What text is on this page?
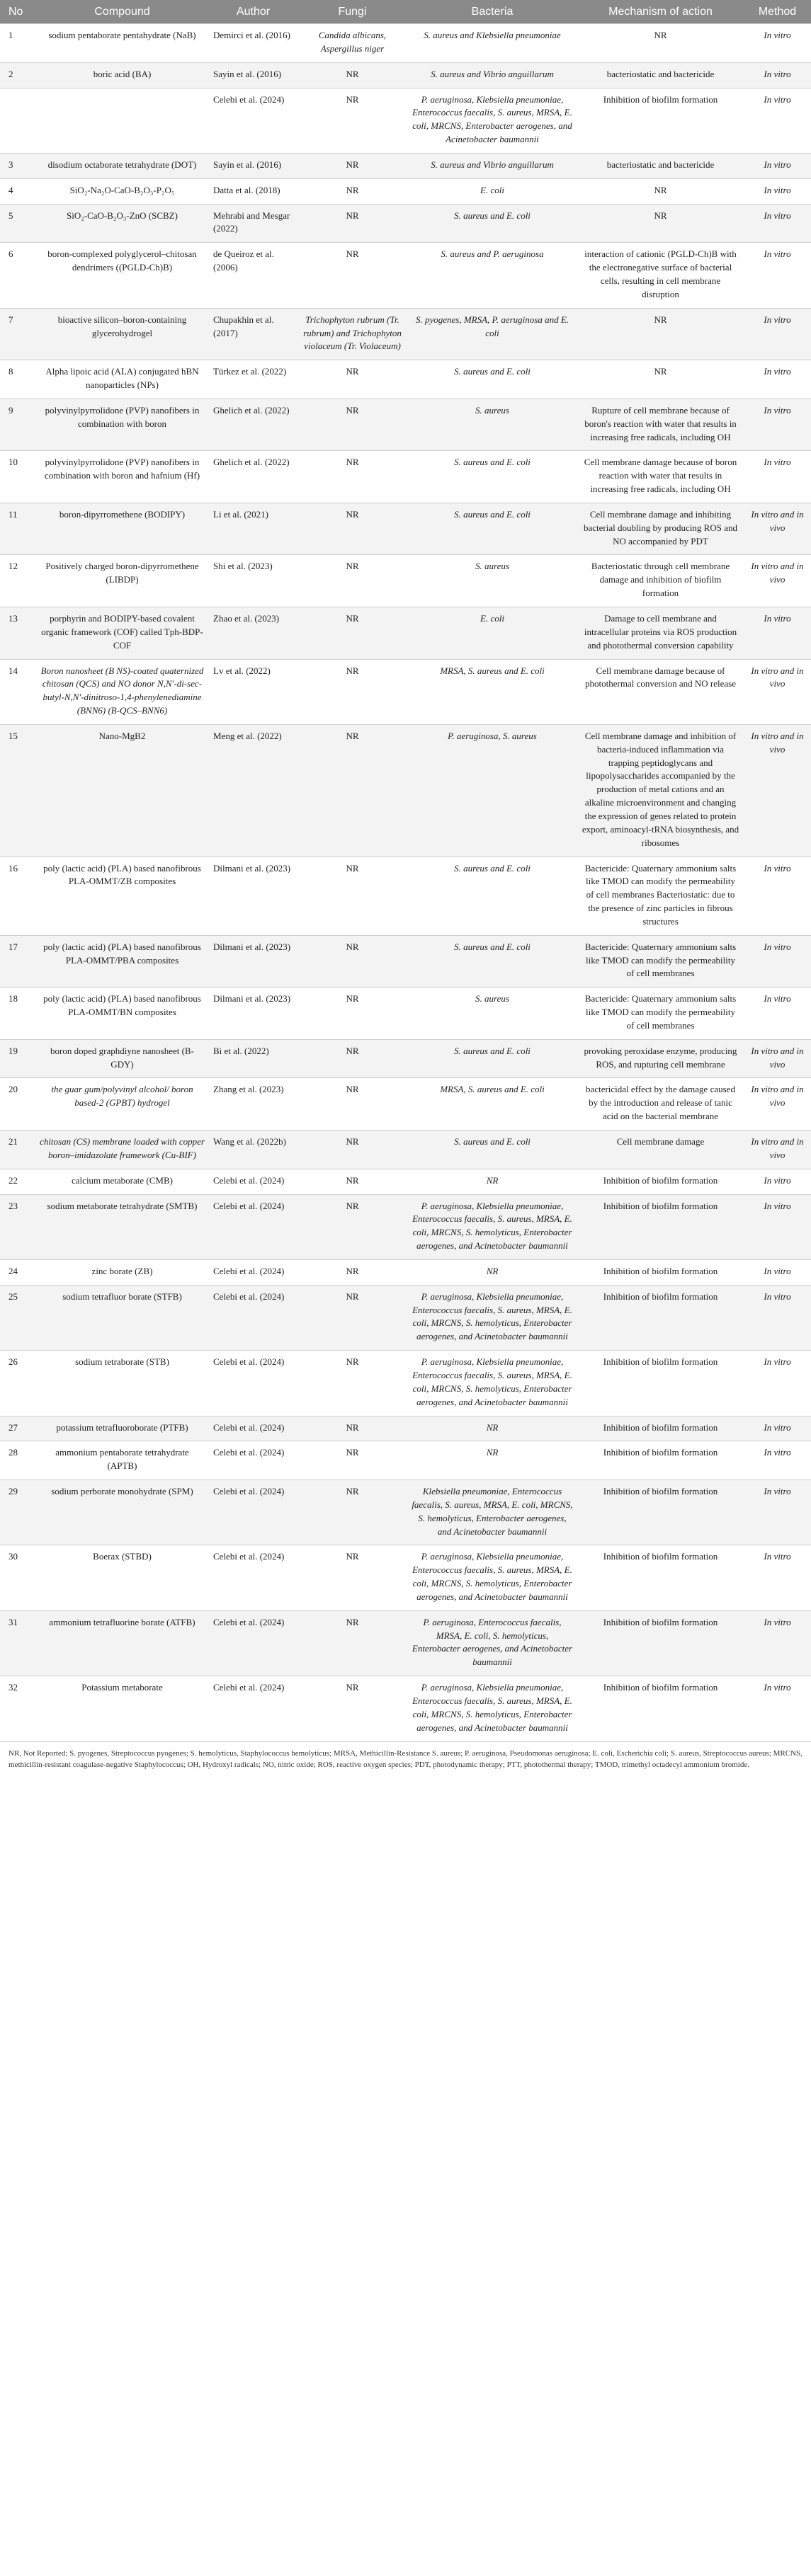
No	Compound	Author	Fungi	Bacteria	Mechanism of action	Method
1	sodium pentaborate pentahydrate (NaB)	Demirci et al. (2016)	Candida albicans, Aspergillus niger	S. aureus and Klebsiella pneumoniae	NR	In vitro
2	boric acid (BA)	Sayin et al. (2016)	NR	S. aureus and Vibrio anguillarum	bacteriostatic and bactericide	In vitro
		Celebi et al. (2024)	NR	P. aeruginosa, Klebsiella pneumoniae, Enterococcus faecalis, S. aureus, MRSA, E. coli, MRCNS, Enterobacter aerogenes, and Acinetobacter baumannii	Inhibition of biofilm formation	In vitro
3	disodium octaborate tetrahydrate (DOT)	Sayin et al. (2016)	NR	S. aureus and Vibrio anguillarum	bacteriostatic and bactericide	In vitro
4	SiO₂-Na₂O-CaO-B₂O₃-P₂O₅	Datta et al. (2018)	NR	E. coli	NR	In vitro
5	SiO₂-CaO-B₂O₃-ZnO (SCBZ)	Mehrabi and Mesgar (2022)	NR	S. aureus and E. coli	NR	In vitro
6	boron-complexed polyglycerol–chitosan dendrimers ((PGLD-Ch)B)	de Queiroz et al. (2006)	NR	S. aureus and P. aeruginosa	interaction of cationic (PGLD-Ch)B with the electronegative surface of bacterial cells, resulting in cell membrane disruption	In vitro
7	bioactive silicon–boron-containing glycerohydrogel	Chupakhin et al. (2017)	Trichophyton rubrum (Tr. rubrum) and Trichophyton violaceum (Tr. Violaceum)	S. pyogenes, MRSA, P. aeruginosa and E. coli	NR	In vitro
8	Alpha lipoic acid (ALA) conjugated hBN nanoparticles (NPs)	Türkez et al. (2022)	NR	S. aureus and E. coli	NR	In vitro
9	polyvinylpyrrolidone (PVP) nanofibers in combination with boron	Ghelich et al. (2022)	NR	S. aureus	Rupture of cell membrane because of boron's reaction with water that results in increasing free radicals, including OH	In vitro
10	polyvinylpyrrolidone (PVP) nanofibers in combination with boron and hafnium (Hf)	Ghelich et al. (2022)	NR	S. aureus and E. coli	Cell membrane damage because of boron reaction with water that results in increasing free radicals, including OH	In vitro
11	boron-dipyrromethene (BODIPY)	Li et al. (2021)	NR	S. aureus and E. coli	Cell membrane damage and inhibiting bacterial doubling by producing ROS and NO accompanied by PDT	In vitro and in vivo
12	Positively charged boron-dipyrromethene (LIBDP)	Shi et al. (2023)	NR	S. aureus	Bacteriostatic through cell membrane damage and inhibition of biofilm formation	In vitro and in vivo
13	porphyrin and BODIPY-based covalent organic framework (COF) called Tph-BDP-COF	Zhao et al. (2023)	NR	E. coli	Damage to cell membrane and intracellular proteins via ROS production and photothermal conversion capability	In vitro
14	Boron nanosheet (B NS)-coated quaternized chitosan (QCS) and NO donor N,N'-di-sec-butyl-N,N'-dinitroso-1,4-phenylenediamine (BNN6) (B-QCS–BNN6)	Lv et al. (2022)	NR	MRSA, S. aureus and E. coli	Cell membrane damage because of photothermal conversion and NO release	In vitro and in vivo
15	Nano-MgB2	Meng et al. (2022)	NR	P. aeruginosa, S. aureus	Cell membrane damage and inhibition of bacteria-induced inflammation via trapping peptidoglycans and lipopolysaccharides accompanied by the production of metal cations and an alkaline microenvironment and changing the expression of genes related to protein export, aminoacyl-tRNA biosynthesis, and ribosomes	In vitro and in vivo
16	poly (lactic acid) (PLA) based nanofibrous PLA-OMMT/ZB composites	Dilmani et al. (2023)	NR	S. aureus and E. coli	Bactericide: Quaternary ammonium salts like TMOD can modify the permeability of cell membranes Bacteriostatic: due to the presence of zinc particles in fibrous structures	In vitro
17	poly (lactic acid) (PLA) based nanofibrous PLA-OMMT/PBA composites	Dilmani et al. (2023)	NR	S. aureus and E. coli	Bactericide: Quaternary ammonium salts like TMOD can modify the permeability of cell membranes	In vitro
18	poly (lactic acid) (PLA) based nanofibrous PLA-OMMT/BN composites	Dilmani et al. (2023)	NR	S. aureus	Bactericide: Quaternary ammonium salts like TMOD can modify the permeability of cell membranes	In vitro
19	boron doped graphdiyne nanosheet (B-GDY)	Bi et al. (2022)	NR	S. aureus and E. coli	provoking peroxidase enzyme, producing ROS, and rupturing cell membrane	In vitro and in vivo
20	the guar gum/polyvinyl alcohol/ boron based-2 (GPBT) hydrogel	Zhang et al. (2023)	NR	MRSA, S. aureus and E. coli	bactericidal effect by the damage caused by the introduction and release of tanic acid on the bacterial membrane	In vitro and in vivo
21	chitosan (CS) membrane loaded with copper boron–imidazolate framework (Cu-BIF)	Wang et al. (2022b)	NR	S. aureus and E. coli	Cell membrane damage	In vitro and in vivo
22	calcium metaborate (CMB)	Celebi et al. (2024)	NR	NR	Inhibition of biofilm formation	In vitro
23	sodium metaborate tetrahydrate (SMTB)	Celebi et al. (2024)	NR	P. aeruginosa, Klebsiella pneumoniae, Enterococcus faecalis, S. aureus, MRSA, E. coli, MRCNS, S. hemolyticus, Enterobacter aerogenes, and Acinetobacter baumannii	Inhibition of biofilm formation	In vitro
24	zinc borate (ZB)	Celebi et al. (2024)	NR	NR	Inhibition of biofilm formation	In vitro
25	sodium tetrafluor borate (STFB)	Celebi et al. (2024)	NR	P. aeruginosa, Klebsiella pneumoniae, Enterococcus faecalis, S. aureus, MRSA, E. coli, MRCNS, S. hemolyticus, Enterobacter aerogenes, and Acinetobacter baumannii	Inhibition of biofilm formation	In vitro
26	sodium tetraborate (STB)	Celebi et al. (2024)	NR	P. aeruginosa, Klebsiella pneumoniae, Enterococcus faecalis, S. aureus, MRSA, E. coli, MRCNS, S. hemolyticus, Enterobacter aerogenes, and Acinetobacter baumannii	Inhibition of biofilm formation	In vitro
27	potassium tetrafluoroborate (PTFB)	Celebi et al. (2024)	NR	NR	Inhibition of biofilm formation	In vitro
28	ammonium pentaborate tetrahydrate (APTB)	Celebi et al. (2024)	NR	NR	Inhibition of biofilm formation	In vitro
29	sodium perborate monohydrate (SPM)	Celebi et al. (2024)	NR	Klebsiella pneumoniae, Enterococcus faecalis, S. aureus, MRSA, E. coli, MRCNS, S. hemolyticus, Enterobacter aerogenes, and Acinetobacter baumannii	Inhibition of biofilm formation	In vitro
30	Boerax (STBD)	Celebi et al. (2024)	NR	P. aeruginosa, Klebsiella pneumoniae, Enterococcus faecalis, S. aureus, MRSA, E. coli, MRCNS, S. hemolyticus, Enterobacter aerogenes, and Acinetobacter baumannii	Inhibition of biofilm formation	In vitro
31	ammonium tetrafluorine borate (ATFB)	Celebi et al. (2024)	NR	P. aeruginosa, Enterococcus faecalis, MRSA, E. coli, S. hemolyticus, Enterobacter aerogenes, and Acinetobacter baumannii	Inhibition of biofilm formation	In vitro
32	Potassium metaborate	Celebi et al. (2024)	NR	P. aeruginosa, Klebsiella pneumoniae, Enterococcus faecalis, S. aureus, MRSA, E. coli, MRCNS, S. hemolyticus, Enterobacter aerogenes, and Acinetobacter baumannii	Inhibition of biofilm formation	In vitro
NR, Not Reported; S. pyogenes, Streptococcus pyogenes; S. hemolyticus, Staphylococcus hemolyticus; MRSA, Methicillin-Resistance S. aureus; P. aeruginosa, Pseudomonas aeruginosa; E. coli, Escherichia coli; S. aureus, Streptococcus aureus; MRCNS, methicillin-resistant coagulase-negative Staphylococcus; OH, Hydroxyl radicals; NO, nitric oxide; ROS, reactive oxygen species; PDT, photodynamic therapy; PTT, photothermal therapy; TMOD, trimethyl octadecyl ammonium bromide.
